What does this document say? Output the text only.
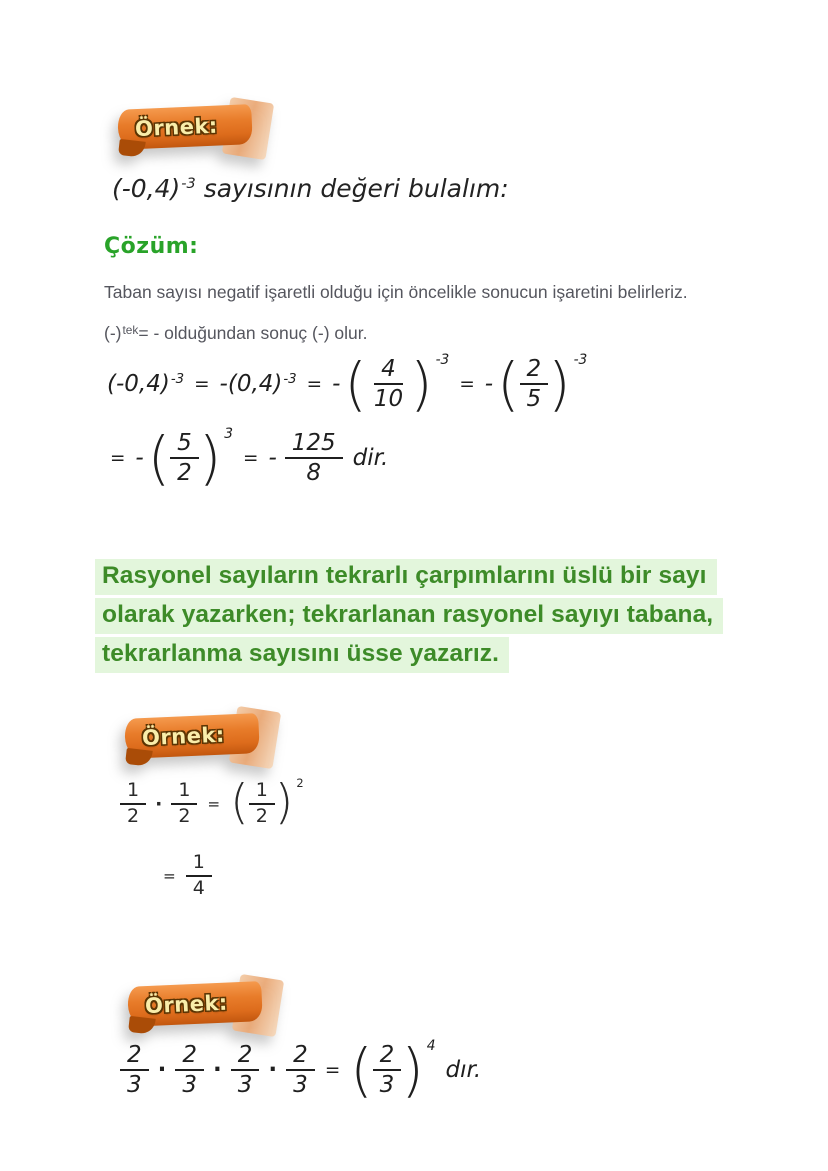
Örnek:
$(-0,4)^{-3}$ sayısının değeri bulalım:
Çözüm:
Taban sayısı negatif işaretli olduğu için öncelikle sonucun işaretini belirleriz.
$(-)^{tek}=$ - olduğundan sonuç (-) olur.
$(-0,4)^{-3} = -(0,4)^{-3}$ = - ( $\frac{4}{10}$ ) -3
= - ( $\frac{2}{5}$ ) -3
= - ( $\frac{5}{2}$ ) 3
= - $\frac{125}{8}$ dir.
Rasyonel sayıların tekrarlı çarpımlarını üslü bir sayı
olarak yazarken; tekrarlanan rasyonel sayıyı tabana,
tekrarlanma sayısını üsse yazarız.
Örnek:
$\frac{1}{2} \cdot \frac{1}{2}$ = ( $\frac{1}{2}$ ) 2
= $\frac{1}{4}$
Örnek:
$\frac{2}{3} \cdot \frac{2}{3} \cdot \frac{2}{3} \cdot \frac{2}{3}$ = ( $\frac{2}{3}$ ) 4
dır.
